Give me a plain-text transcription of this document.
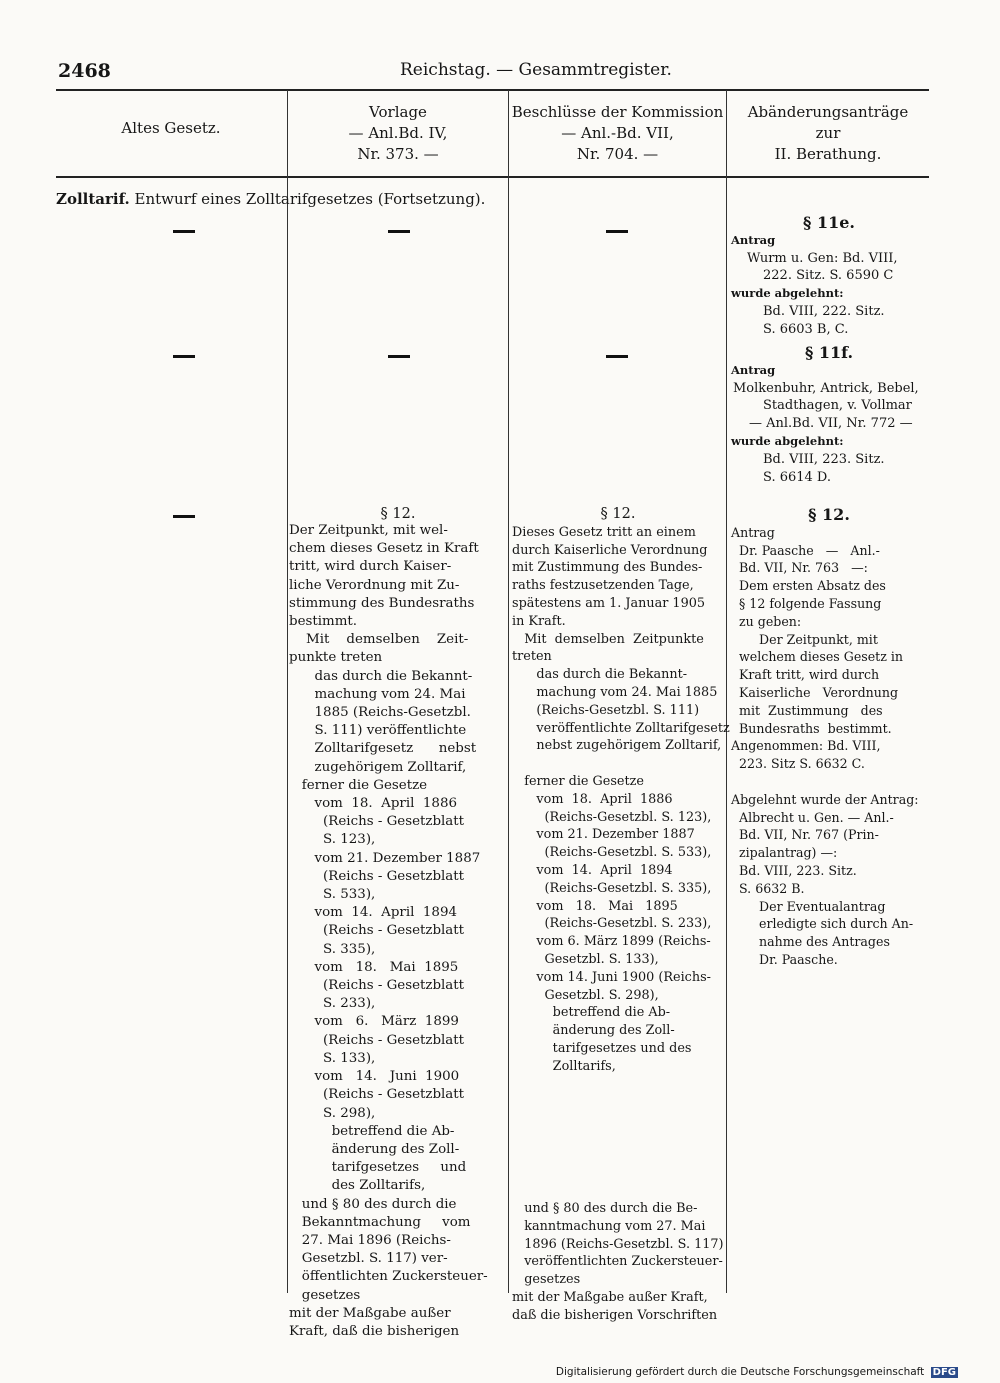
2468	Reichstag. — Gesammtregister.
Altes Gesetz.
Vorlage
— Anl.Bd. IV,
Nr. 373. —
Beschlüsse der Kommission
— Anl.-Bd. VII,
Nr. 704. —
Abänderungsanträge
zur
II. Berathung.
Zolltarif. Entwurf eines Zolltarifgesetzes (Fortsetzung).
§ 11e.
Antrag
Wurm u. Gen: Bd. VIII,
222. Sitz. S. 6590 C
wurde abgelehnt:
Bd. VIII, 222. Sitz.
S. 6603 B, C.
§ 11f.
Antrag
Molkenbuhr, Antrick, Bebel,
Stadthagen, v. Vollmar
— Anl.Bd. VII, Nr. 772 —
wurde abgelehnt:
Bd. VIII, 223. Sitz.
S. 6614 D.
§ 12.
Der Zeitpunkt, mit wel-
chem dieses Gesetz in Kraft
tritt, wird durch Kaiser-
liche Verordnung mit Zu-
stimmung des Bundesraths
bestimmt.
Mit    demselben    Zeit-
punkte treten
das durch die Bekannt-
machung vom 24. Mai
1885 (Reichs-Gesetzbl.
S. 111) veröffentlichte
Zolltarifgesetz      nebst
zugehörigem Zolltarif,
ferner die Gesetze
vom  18.  April  1886
(Reichs - Gesetzblatt
S. 123),
vom 21. Dezember 1887
(Reichs - Gesetzblatt
S. 533),
vom  14.  April  1894
(Reichs - Gesetzblatt
S. 335),
vom   18.   Mai  1895
(Reichs - Gesetzblatt
S. 233),
vom   6.   März  1899
(Reichs - Gesetzblatt
S. 133),
vom   14.   Juni  1900
(Reichs - Gesetzblatt
S. 298),
betreffend die Ab-
änderung des Zoll-
tarifgesetzes     und
des Zolltarifs,
und § 80 des durch die
Bekanntmachung     vom
27. Mai 1896 (Reichs-
Gesetzbl. S. 117) ver-
öffentlichten Zuckersteuer-
gesetzes
mit der Maßgabe außer
Kraft, daß die bisherigen
§ 12.
Dieses Gesetz tritt an einem
durch Kaiserliche Verordnung
mit Zustimmung des Bundes-
raths festzusetzenden Tage,
spätestens am 1. Januar 1905
in Kraft.
Mit  demselben  Zeitpunkte
treten
das durch die Bekannt-
machung vom 24. Mai 1885
(Reichs-Gesetzbl. S. 111)
veröffentlichte Zolltarifgesetz
nebst zugehörigem Zolltarif,

ferner die Gesetze
vom  18.  April  1886
(Reichs-Gesetzbl. S. 123),
vom 21. Dezember 1887
(Reichs-Gesetzbl. S. 533),
vom  14.  April  1894
(Reichs-Gesetzbl. S. 335),
vom   18.   Mai   1895
(Reichs-Gesetzbl. S. 233),
vom 6. März 1899 (Reichs-
Gesetzbl. S. 133),
vom 14. Juni 1900 (Reichs-
Gesetzbl. S. 298),
betreffend die Ab-
änderung des Zoll-
tarifgesetzes und des
Zolltarifs,

und § 80 des durch die Be-
kanntmachung vom 27. Mai
1896 (Reichs-Gesetzbl. S. 117)
veröffentlichten Zuckersteuer-
gesetzes
mit der Maßgabe außer Kraft,
daß die bisherigen Vorschriften
§ 12.
Antrag
Dr. Paasche   —   Anl.-
Bd. VII, Nr. 763   —:
Dem ersten Absatz des
§ 12 folgende Fassung
zu geben:
Der Zeitpunkt, mit
welchem dieses Gesetz in
Kraft tritt, wird durch
Kaiserliche   Verordnung
mit  Zustimmung   des
Bundesraths  bestimmt.
Angenommen: Bd. VIII,
223. Sitz S. 6632 C.

Abgelehnt wurde der Antrag:
Albrecht u. Gen. — Anl.-
Bd. VII, Nr. 767 (Prin-
zipalantrag) —:
Bd. VIII, 223. Sitz.
S. 6632 B.
Der Eventualantrag
erledigte sich durch An-
nahme des Antrages
Dr. Paasche.
Digitalisierung gefördert durch die Deutsche Forschungsgemeinschaft DFG
